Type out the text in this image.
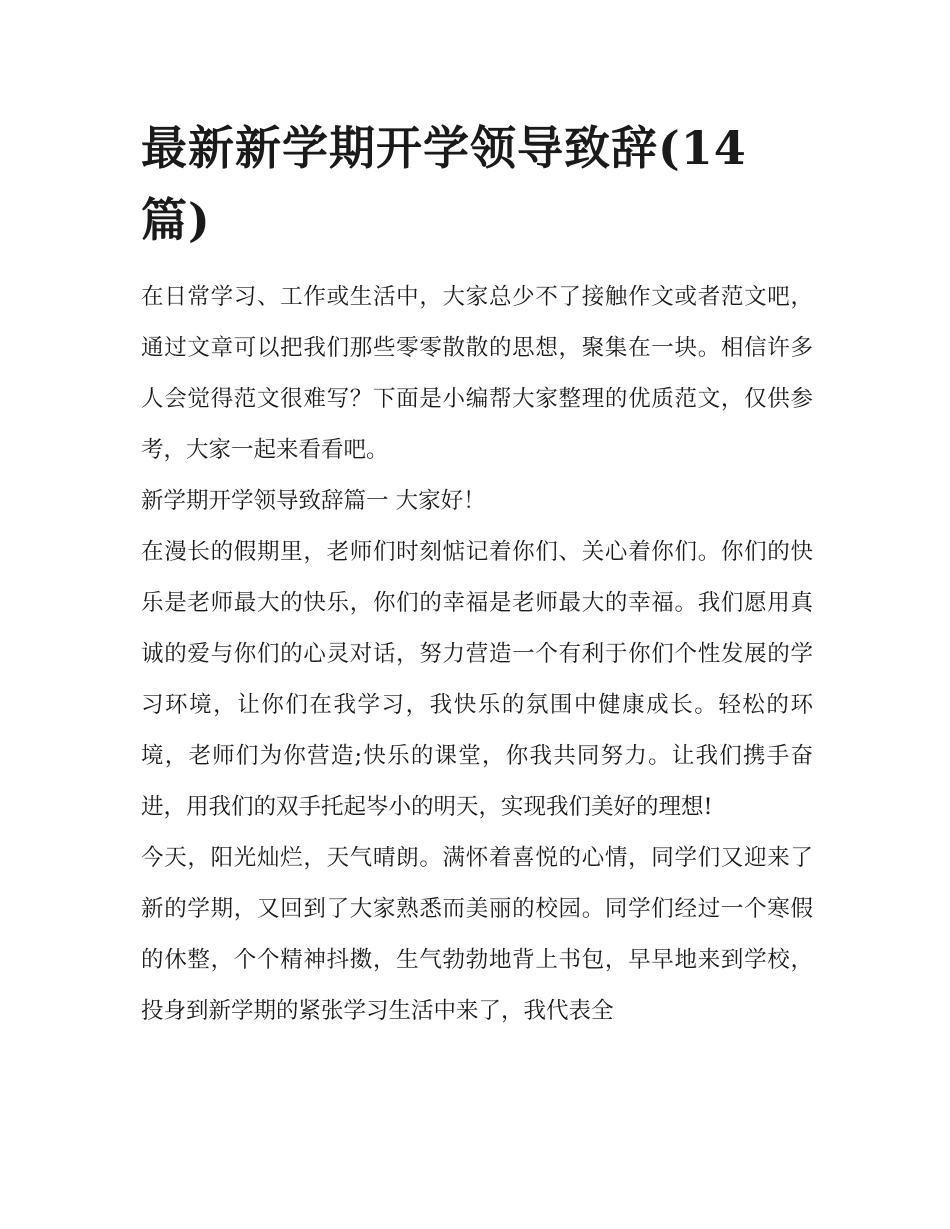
最新新学期开学领导致辞(14篇)

在日常学习、工作或生活中，大家总少不了接触作文或者范文吧，通过文章可以把我们那些零零散散的思想，聚集在一块。相信许多人会觉得范文很难写？下面是小编帮大家整理的优质范文，仅供参考，大家一起来看看吧。

新学期开学领导致辞篇一 大家好！

在漫长的假期里，老师们时刻惦记着你们、关心着你们。你们的快乐是老师最大的快乐，你们的幸福是老师最大的幸福。我们愿用真诚的爱与你们的心灵对话，努力营造一个有利于你们个性发展的学习环境，让你们在我学习，我快乐的氛围中健康成长。轻松的环境，老师们为你营造;快乐的课堂，你我共同努力。让我们携手奋进，用我们的双手托起岑小的明天，实现我们美好的理想!

今天，阳光灿烂，天气晴朗。满怀着喜悦的心情，同学们又迎来了新的学期，又回到了大家熟悉而美丽的校园。同学们经过一个寒假的休整，个个精神抖擞，生气勃勃地背上书包，早早地来到学校，投身到新学期的紧张学习生活中来了，我代表全
